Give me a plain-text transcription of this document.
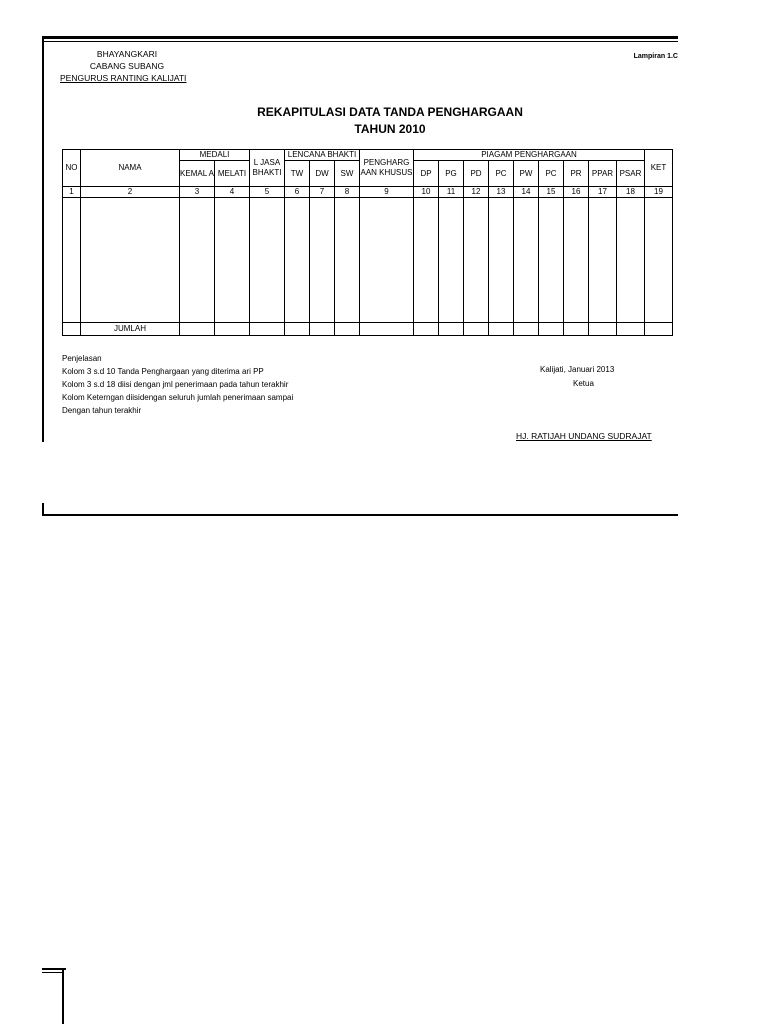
BHAYANGKARI
CABANG SUBANG
PENGURUS RANTING KALIJATI
Lampiran 1.C
REKAPITULASI DATA TANDA PENGHARGAAN
TAHUN 2010
NO	NAMA	MEDALI		L JASA BHAKTI	LENCANA BHAKTI			PENGHARG AAN KHUSUS	PIAGAM PENGHARGAAN									KET
		KEMAL A	MELATI		TW	DW	SW		DP	PG	PD	PC	PW	PC	PR	PPAR	PSAR	
1	2	3	4	5	6	7	8	9	10	11	12	13	14	15	16	17	18	19

	JUMLAH																	
Penjelasan
Kolom 3 s.d 10 Tanda Penghargaan yang diterima ari PP
Kolom 3 s.d 18 diisi dengan jml penerimaan pada tahun terakhir
Kolom Keterngan diisidengan seluruh jumlah penerimaan sampai
Dengan tahun terakhir
Kalijati, Januari 2013
Ketua
HJ. RATIJAH UNDANG SUDRAJAT
